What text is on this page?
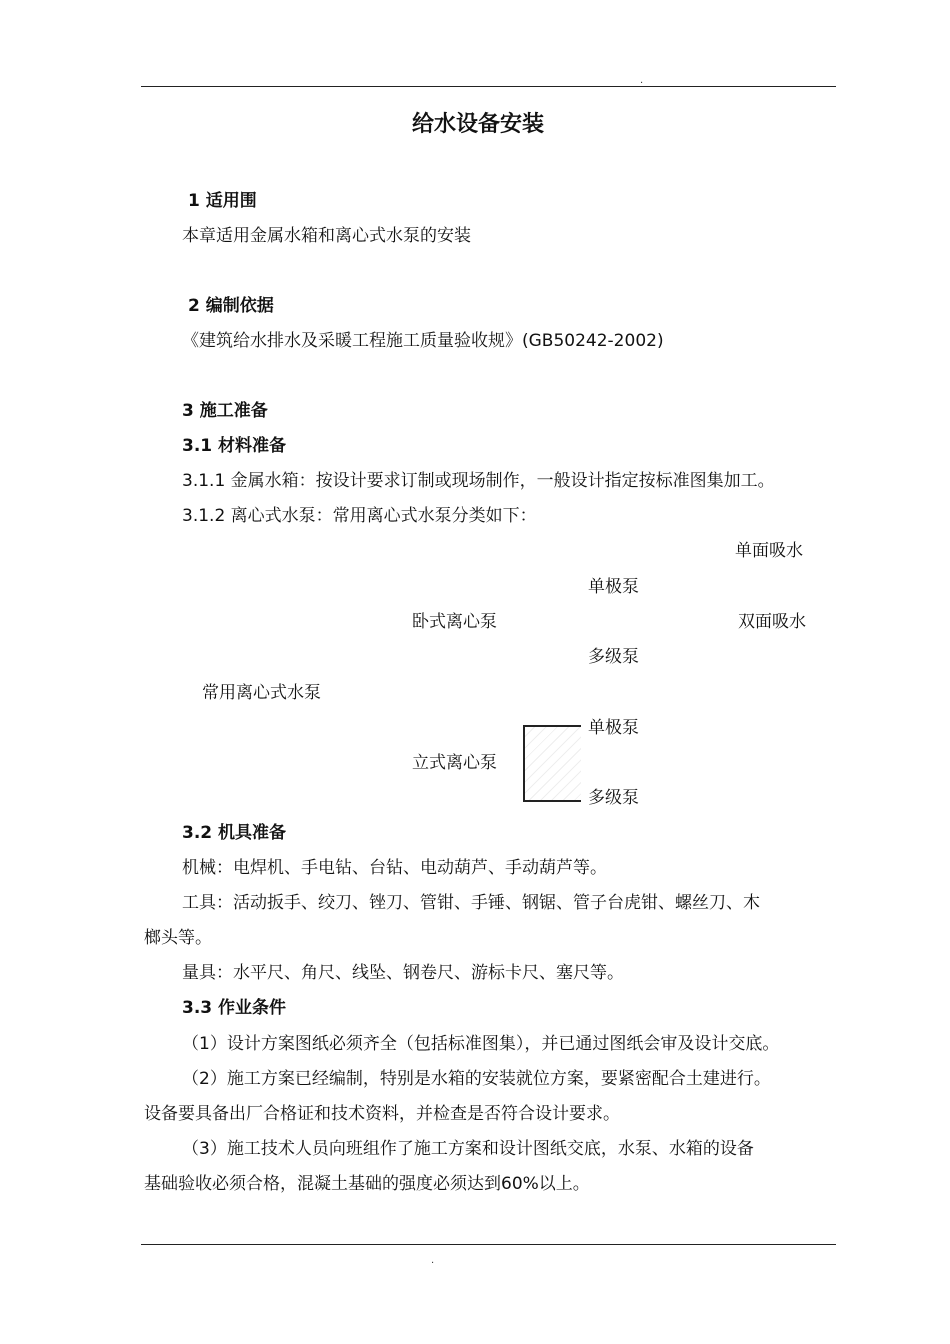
.
给水设备安装
1 适用围
本章适用金属水箱和离心式水泵的安装
2 编制依据
《建筑给水排水及采暖工程施工质量验收规》(GB50242-2002)
3 施工准备
3.1 材料准备
3.1.1 金属水箱：按设计要求订制或现场制作，一般设计指定按标准图集加工。
3.1.2 离心式水泵：常用离心式水泵分类如下：
单面吸水
单极泵
卧式离心泵	双面吸水
多级泵
常用离心式水泵
单极泵
立式离心泵
多级泵
3.2 机具准备
机械：电焊机、手电钻、台钻、电动葫芦、手动葫芦等。
工具：活动扳手、绞刀、锉刀、管钳、手锤、钢锯、管子台虎钳、螺丝刀、木
榔头等。
量具：水平尺、角尺、线坠、钢卷尺、游标卡尺、塞尺等。
3.3 作业条件
（1）设计方案图纸必须齐全（包括标准图集），并已通过图纸会审及设计交底。
（2）施工方案已经编制，特别是水箱的安装就位方案，要紧密配合土建进行。
设备要具备出厂合格证和技术资料，并检查是否符合设计要求。
（3）施工技术人员向班组作了施工方案和设计图纸交底，水泵、水箱的设备
基础验收必须合格，混凝土基础的强度必须达到60%以上。
.
